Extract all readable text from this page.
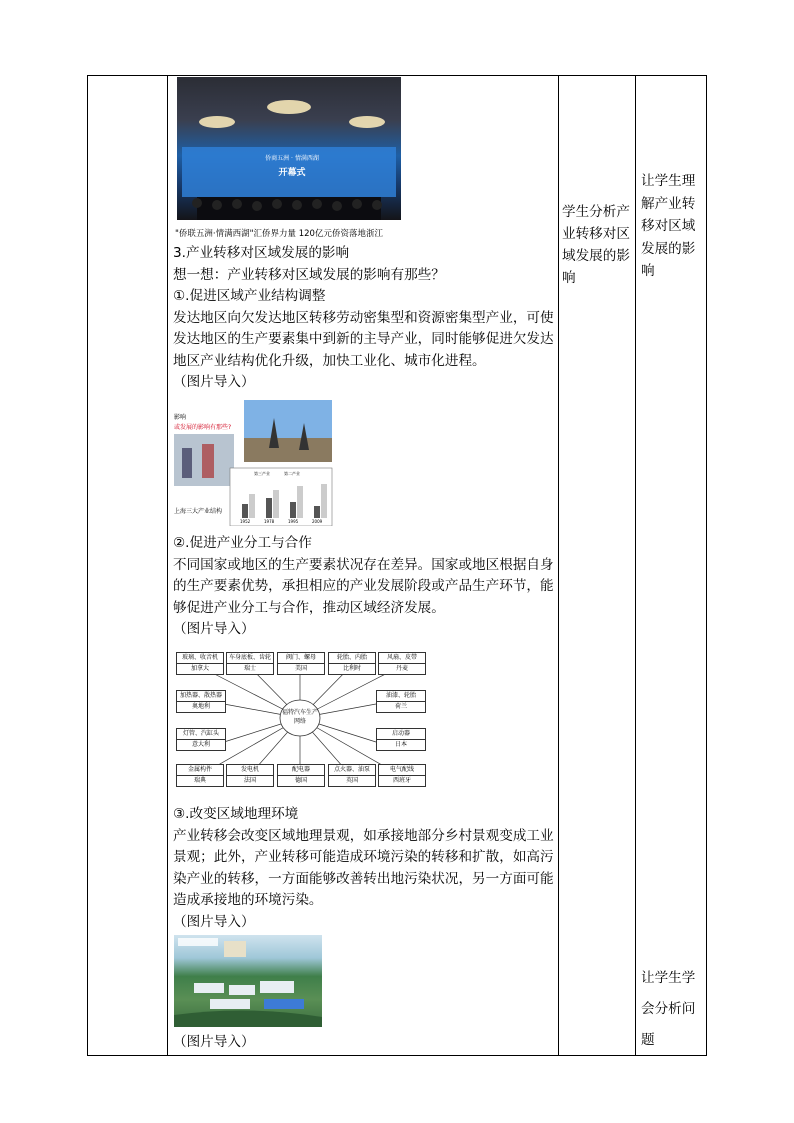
侨商五洲 · 情满西湖
开幕式
"侨联五洲·情满西湖"汇侨界力量 120亿元侨资落地浙江
3.产业转移对区域发展的影响
想一想：产业转移对区域发展的影响有那些？
①.促进区域产业结构调整
发达地区向欠发达地区转移劳动密集型和资源密集型产业，可使发达地区的生产要素集中到新的主导产业，同时能够促进欠发达地区产业结构优化升级，加快工业化、城市化进程。
（图片导入）
影响
或发展的影响有那些?
上海三大产业结构
第三产业	第二产业
1952	1978	1995	2009
②.促进产业分工与合作
不同国家或地区的生产要素状况存在差异。国家或地区根据自身的生产要素优势，承担相应的产业发展阶段或产品生产环节，能够促进产业分工与合作，推动区域经济发展。
（图片导入）
福特汽车生产网络
玻璃、收音机
加拿大
车身底板、齿轮
瑞士
阀门、螺母
美国
轮胎、内胎
比利时
风扇、皮带
丹麦
加热器、散热器
奥地利
油漆、轮胎
荷兰
灯管、汽缸头
意大利
启动器
日本
金属构件
瑞典
发电机
法国
配电器
德国
点火器、油泵
英国
电气配线
西班牙
③.改变区域地理环境
产业转移会改变区域地理景观，如承接地部分乡村景观变成工业景观；此外，产业转移可能造成环境污染的转移和扩散，如高污染产业的转移，一方面能够改善转出地污染状况，另一方面可能造成承接地的环境污染。
（图片导入）
（图片导入）
学生分析产业转移对区域发展的影响
让学生理解产业转移对区域发展的影响
让学生学会分析问题
